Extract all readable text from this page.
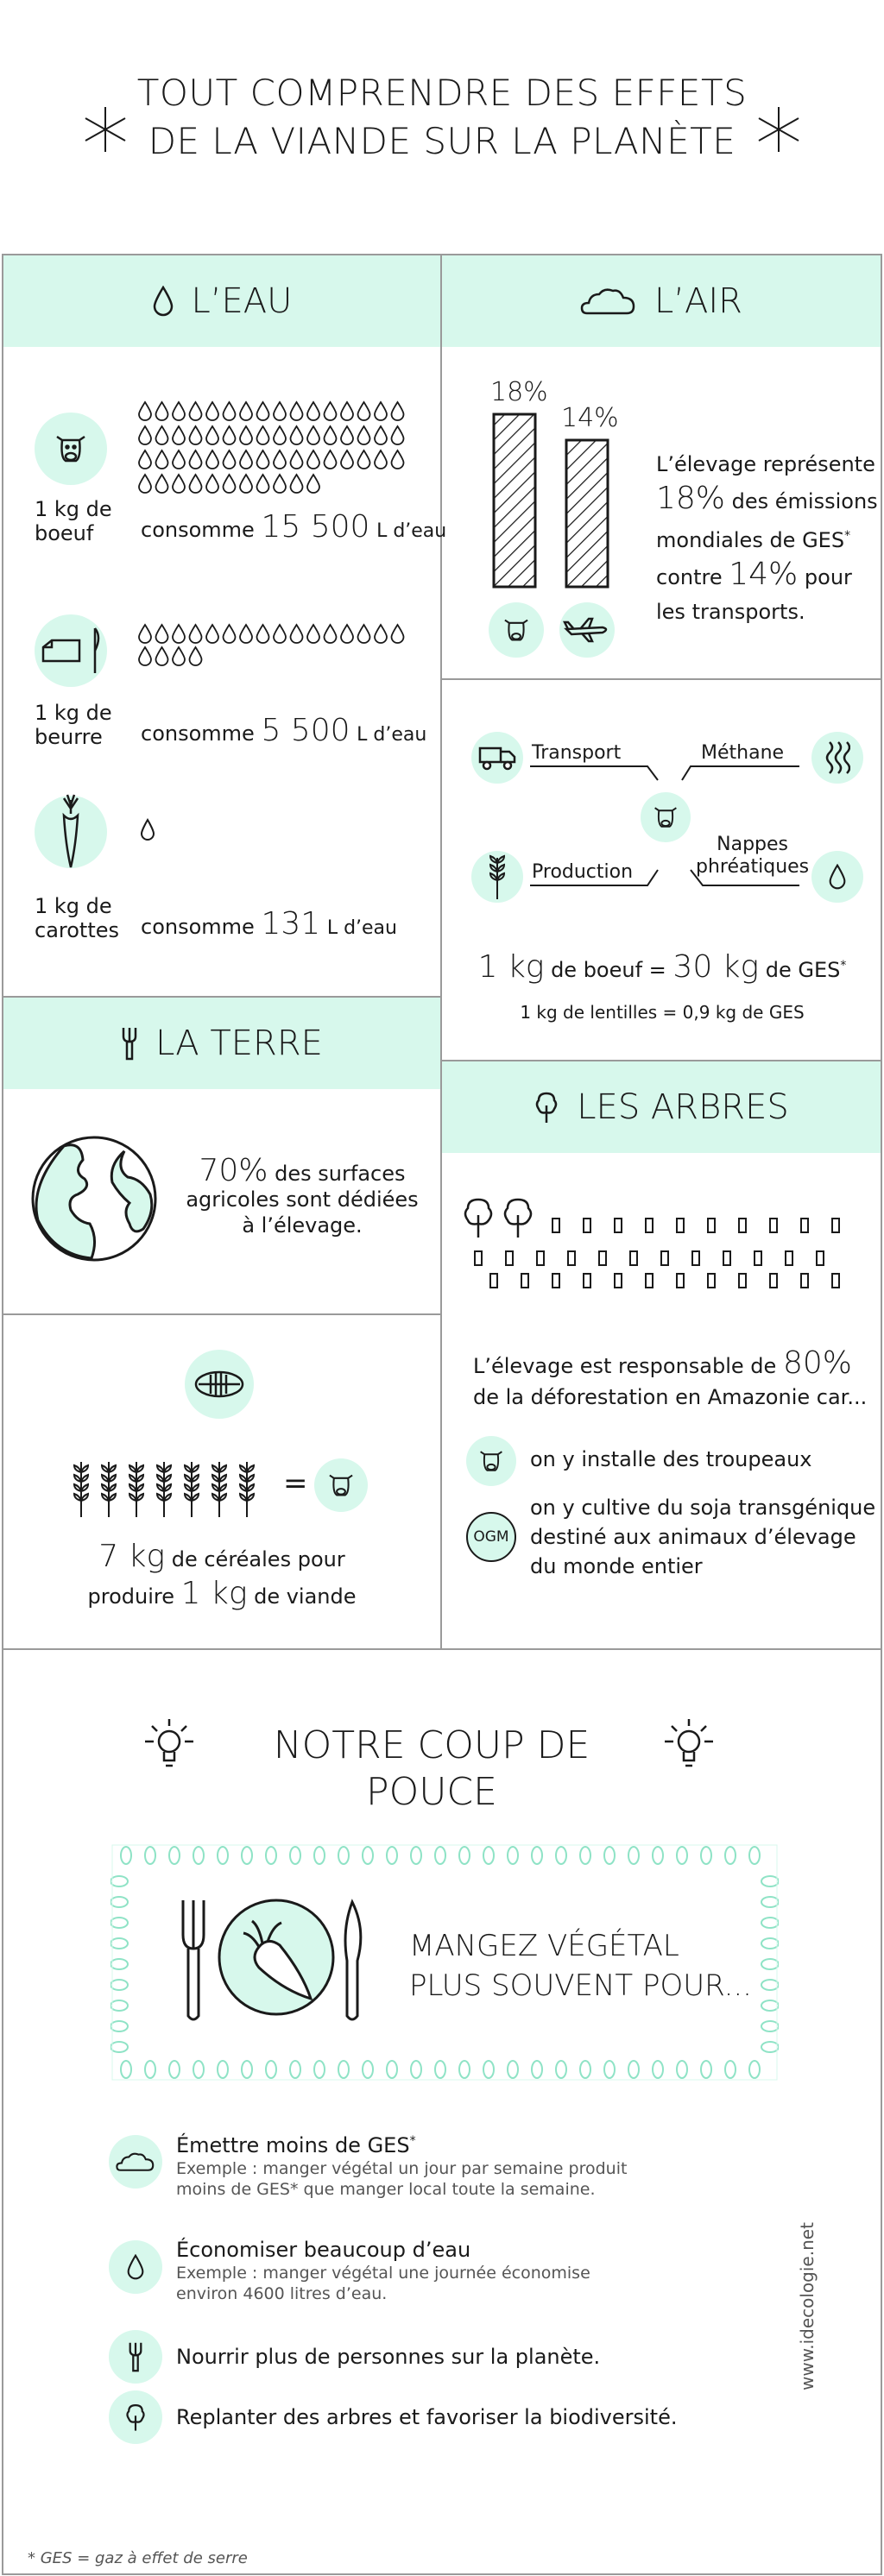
TOUT COMPRENDRE DES EFFETS
DE LA VIANDE SUR LA PLANÈTE
L’EAU
1 kg de
boeuf	consomme 15 500 L d’eau
1 kg de
beurre	consomme 5 500 L d’eau
1 kg de
carottes consomme 131 L d’eau
L’AIR
18%
14%
L’élevage représente
18% des émissions
mondiales de GES*
contre 14% pour
les transports.
Transport	Méthane
Production
Nappes
phréatiques
1 kg de boeuf = 30 kg de GES*
1 kg de lentilles = 0,9 kg de GES
LA TERRE
70% des surfaces
agricoles sont dédiées
à l’élevage.
=
7 kg de céréales pour
produire 1 kg de viande
LES ARBRES
L’élevage est responsable de 80%
de la déforestation en Amazonie car...
on y installe des troupeaux
OGM
on y cultive du soja transgénique
destiné aux animaux d’élevage
du monde entier
NOTRE COUP DE POUCE
MANGEZ VÉGÉTAL
PLUS SOUVENT POUR...
Émettre moins de GES*
Exemple : manger végétal un jour par semaine produit
moins de GES* que manger local toute la semaine.
Économiser beaucoup d’eau
Exemple : manger végétal une journée économise
environ 4600 litres d’eau.
Nourrir plus de personnes sur la planète.
Replanter des arbres et favoriser la biodiversité.
www.idecologie.net
* GES = gaz à effet de serre
